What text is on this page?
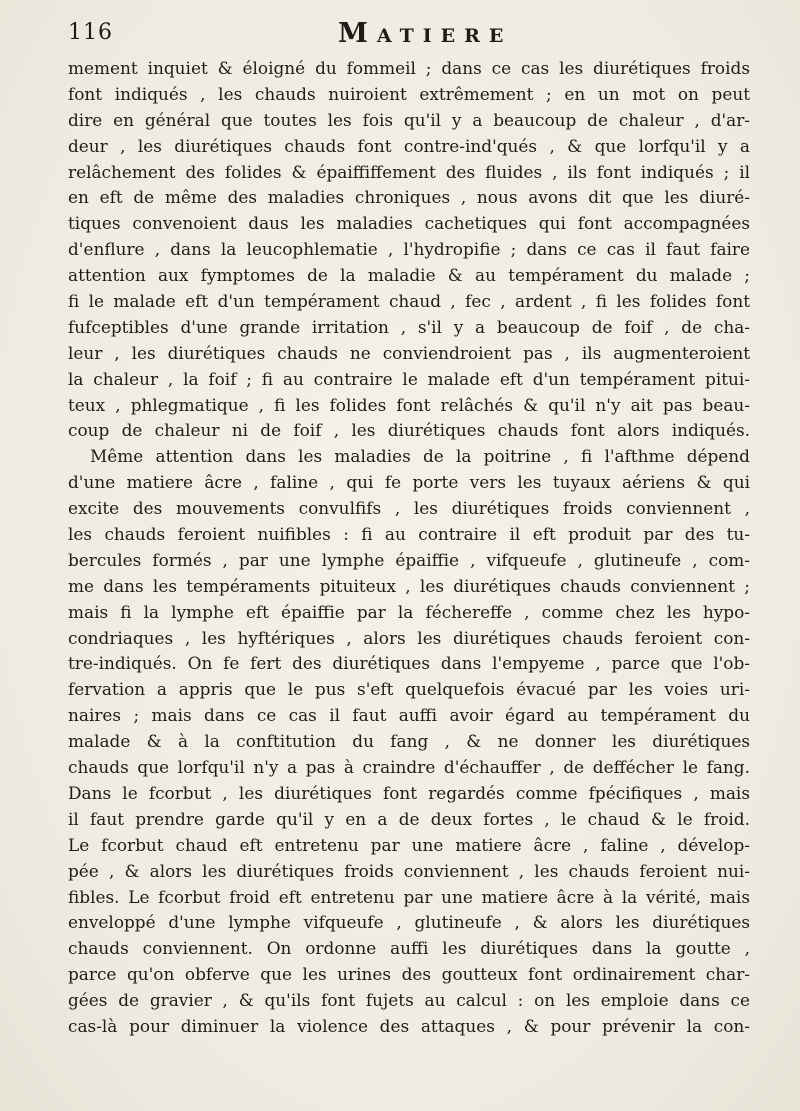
116	MATIERE
mement inquiet & éloigné du fommeil ; dans ce cas les diurétiques froids
font indiqués , les chauds nuiroient extrêmement ; en un mot on peut
dire en général que toutes les fois qu'il y a beaucoup de chaleur , d'ar-
deur , les diurétiques chauds font contre-ind'qués , & que lorfqu'il y a
relâchement des folides & épaiffiffement des fluides , ils font indiqués ; il
en eft de même des maladies chroniques , nous avons dit que les diuré-
tiques convenoient daus les maladies cachetiques qui font accompagnées
d'enflure , dans la leucophlematie , l'hydropifie ; dans ce cas il faut faire
attention aux fymptomes de la maladie & au tempérament du malade ;
fi le malade eft d'un tempérament chaud , fec , ardent , fi les folides font
fufceptibles d'une grande irritation , s'il y a beaucoup de foif , de cha-
leur , les diurétiques chauds ne conviendroient pas , ils augmenteroient
la chaleur , la foif ; fi au contraire le malade eft d'un tempérament pitui-
teux , phlegmatique , fi les folides font relâchés & qu'il n'y ait pas beau-
coup de chaleur ni de foif , les diurétiques chauds font alors indiqués.
Même attention dans les maladies de la poitrine , fi l'afthme dépend
d'une matiere âcre , faline , qui fe porte vers les tuyaux aériens & qui
excite des mouvements convulfifs , les diurétiques froids conviennent ,
les chauds feroient nuifibles : fi au contraire il eft produit par des tu-
bercules formés , par une lymphe épaiffie , vifqueufe , glutineufe , com-
me dans les tempéraments pituiteux , les diurétiques chauds conviennent ;
mais fi la lymphe eft épaiffie par la féchereffe , comme chez les hypo-
condriaques , les hyftériques , alors les diurétiques chauds feroient con-
tre-indiqués. On fe fert des diurétiques dans l'empyeme , parce que l'ob-
fervation a appris que le pus s'eft quelquefois évacué par les voies uri-
naires ; mais dans ce cas il faut auffi avoir égard au tempérament du
malade & à la conftitution du fang , & ne donner les diurétiques
chauds que lorfqu'il n'y a pas à craindre d'échauffer , de deffécher le fang.
Dans le fcorbut , les diurétiques font regardés comme fpécifiques , mais
il faut prendre garde qu'il y en a de deux fortes , le chaud & le froid.
Le fcorbut chaud eft entretenu par une matiere âcre , faline , dévelop-
pée , & alors les diurétiques froids conviennent , les chauds feroient nui-
fibles. Le fcorbut froid eft entretenu par une matiere âcre à la vérité, mais
enveloppé d'une lymphe vifqueufe , glutineufe , & alors les diurétiques
chauds conviennent. On ordonne auffi les diurétiques dans la goutte ,
parce qu'on obferve que les urines des goutteux font ordinairement char-
gées de gravier , & qu'ils font fujets au calcul : on les emploie dans ce
cas-là pour diminuer la violence des attaques , & pour prévenir la con-
